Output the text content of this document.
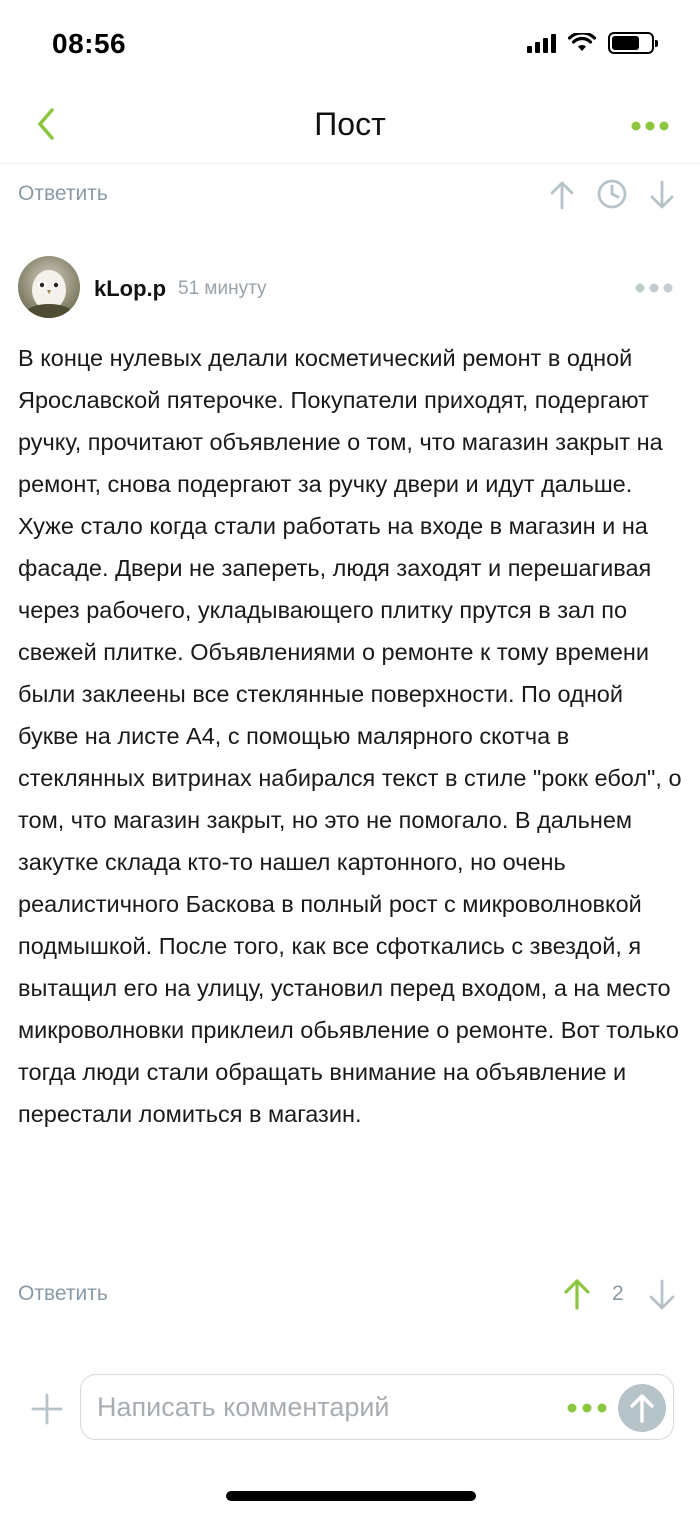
08:56
Пост
Ответить
kLop.p 51 минуту
В конце нулевых делали косметический ремонт в одной Ярославской пятерочке. Покупатели приходят, подергают ручку, прочитают объявление о том, что магазин закрыт на ремонт, снова подергают за ручку двери и идут дальше. Хуже стало когда стали работать на входе в магазин и на фасаде. Двери не запереть, людя заходят и перешагивая через рабочего, укладывающего плитку прутся в зал по свежей плитке. Объявлениями о ремонте к тому времени были заклеены все стеклянные поверхности. По одной букве на листе А4, с помощью малярного скотча в стеклянных витринах набирался текст в стиле "рокк ебол", о том, что магазин закрыт, но это не помогало. В дальнем закутке склада кто-то нашел картонного, но очень реалистичного Баскова в полный рост с микроволновкой подмышкой. После того, как все сфоткались с звездой, я вытащил его на улицу, установил перед входом, а на место микроволновки приклеил обьявление о ремонте. Вот только тогда люди стали обращать внимание на объявление и перестали ломиться в магазин.
Ответить	2
Написать комментарий
